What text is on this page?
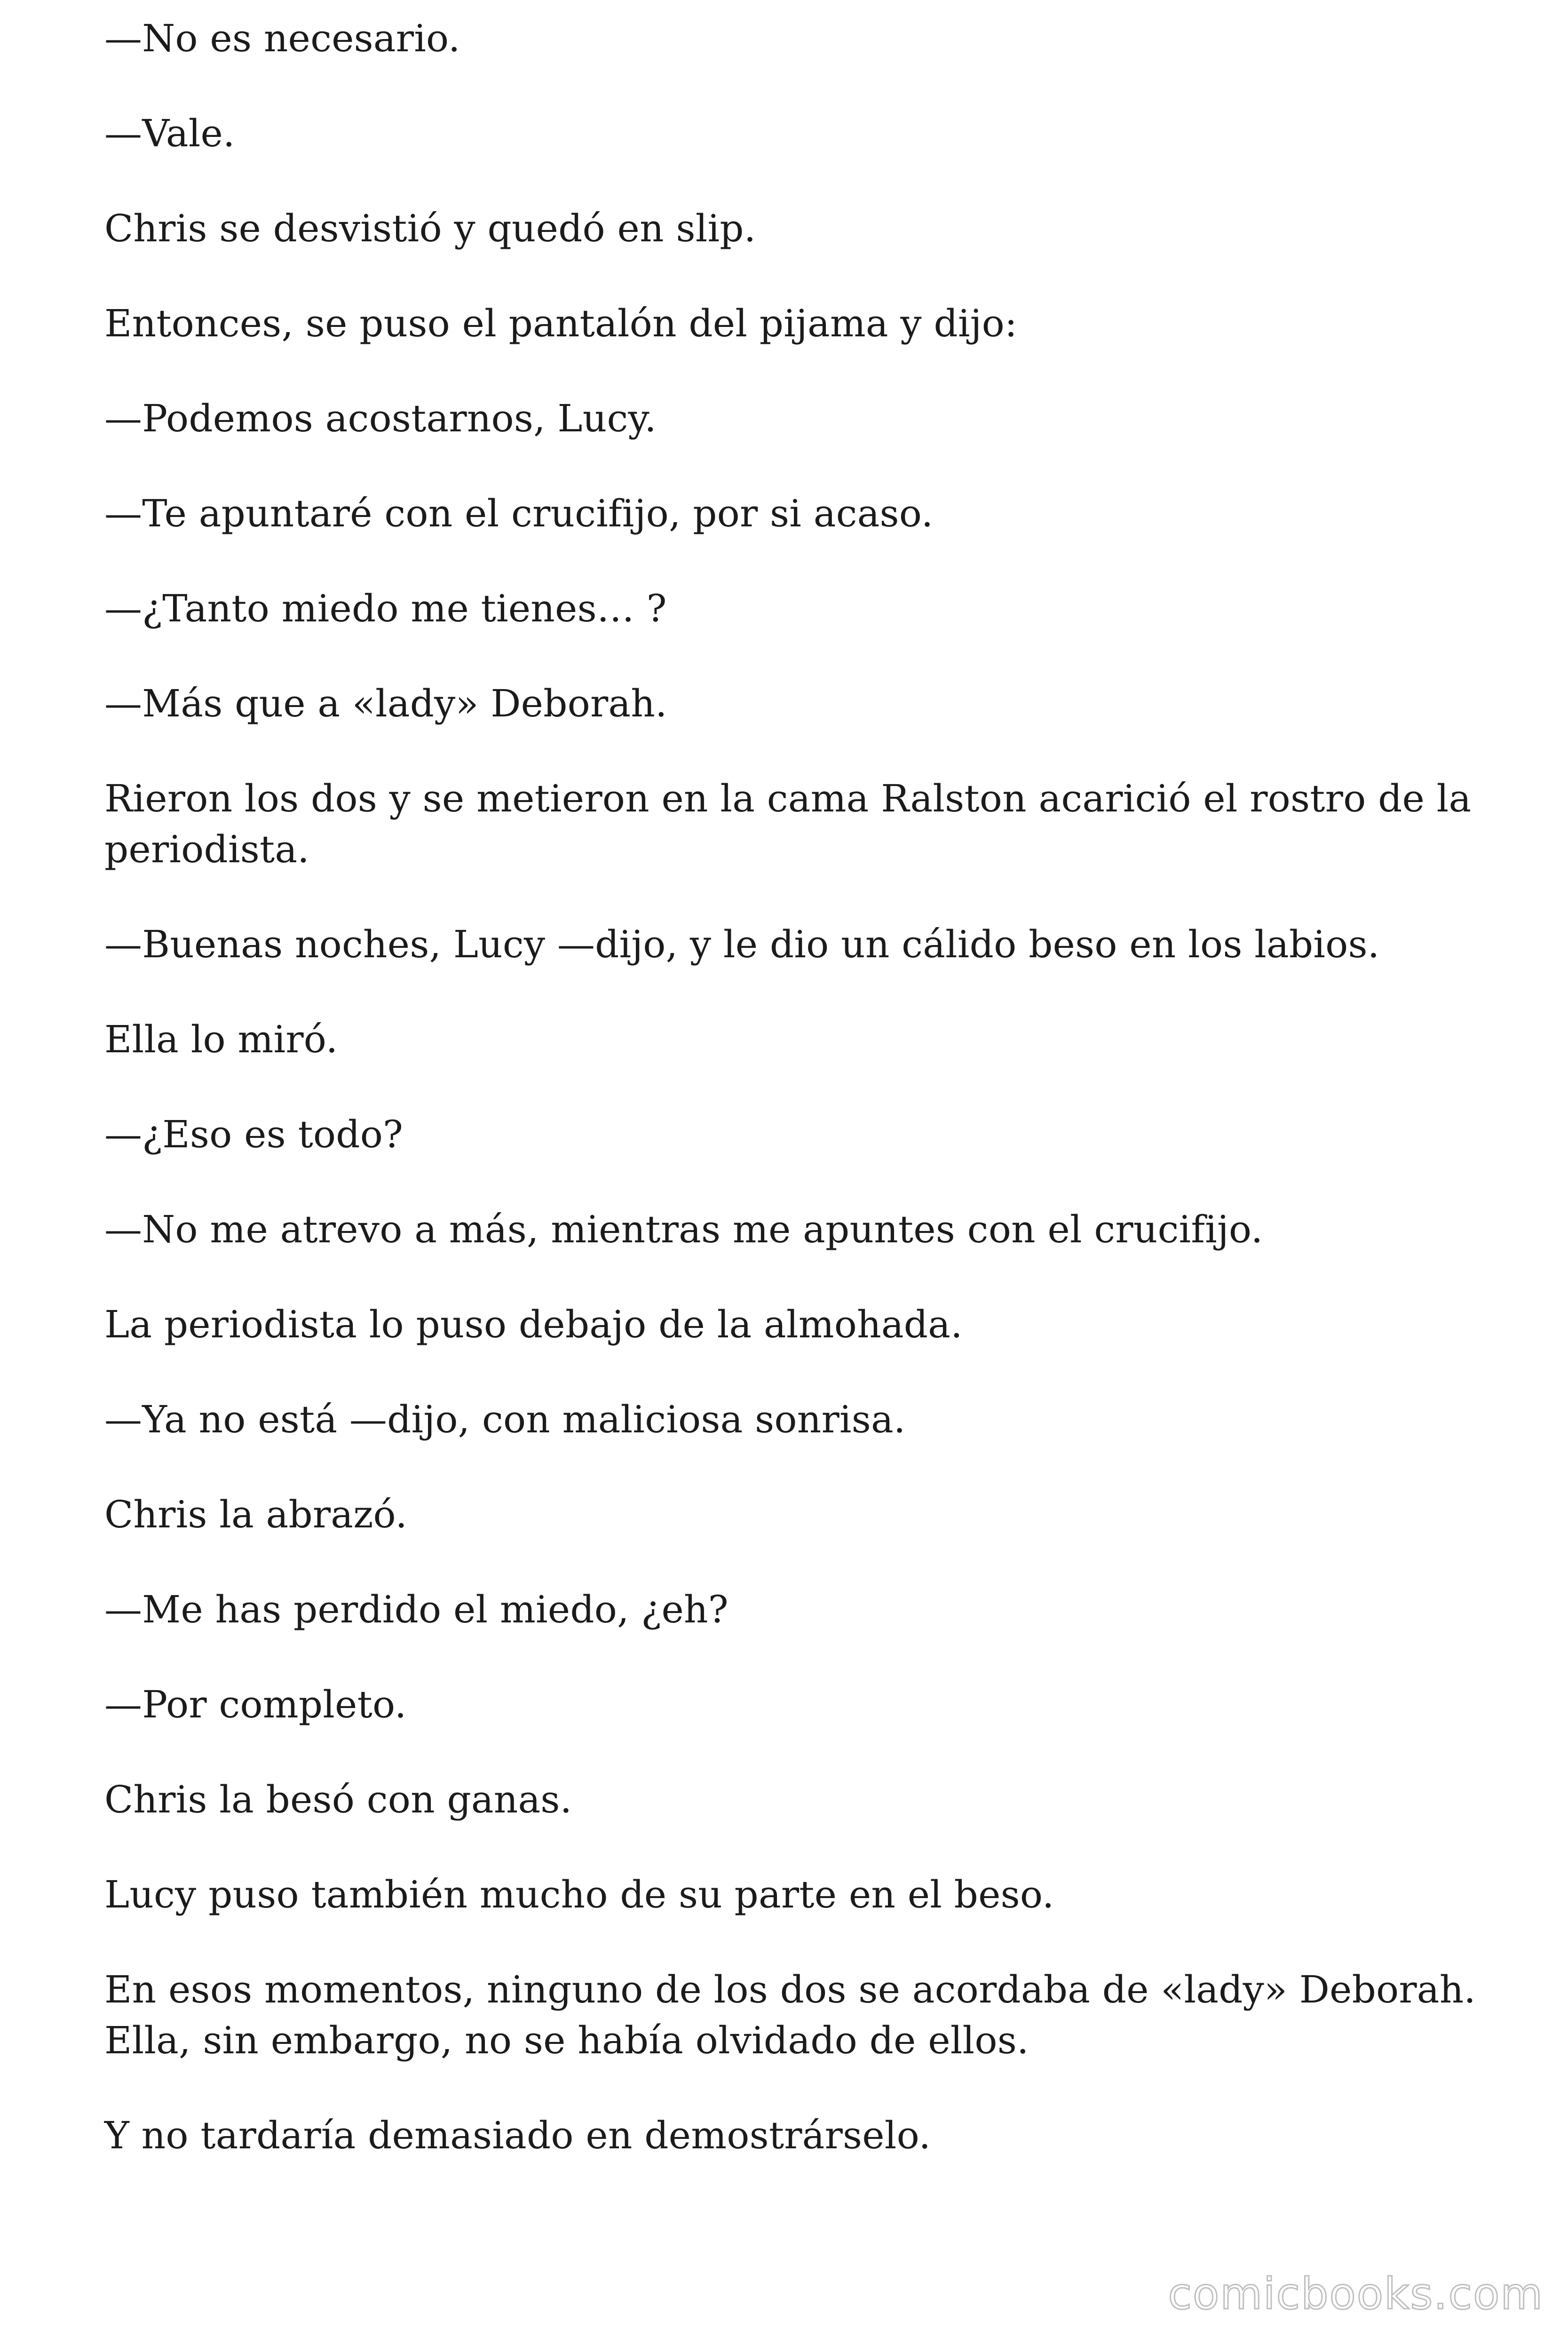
—No es necesario.

—Vale.

Chris se desvistió y quedó en slip.

Entonces, se puso el pantalón del pijama y dijo:

—Podemos acostarnos, Lucy.

—Te apuntaré con el crucifijo, por si acaso.

—¿Tanto miedo me tienes… ?

—Más que a «lady» Deborah.

Rieron los dos y se metieron en la cama Ralston acarició el rostro de la
periodista.

—Buenas noches, Lucy —dijo, y le dio un cálido beso en los labios.

Ella lo miró.

—¿Eso es todo?

—No me atrevo a más, mientras me apuntes con el crucifijo.

La periodista lo puso debajo de la almohada.

—Ya no está —dijo, con maliciosa sonrisa.

Chris la abrazó.

—Me has perdido el miedo, ¿eh?

—Por completo.

Chris la besó con ganas.

Lucy puso también mucho de su parte en el beso.

En esos momentos, ninguno de los dos se acordaba de «lady» Deborah.
Ella, sin embargo, no se había olvidado de ellos.

Y no tardaría demasiado en demostrárselo.

comicbooks.com
